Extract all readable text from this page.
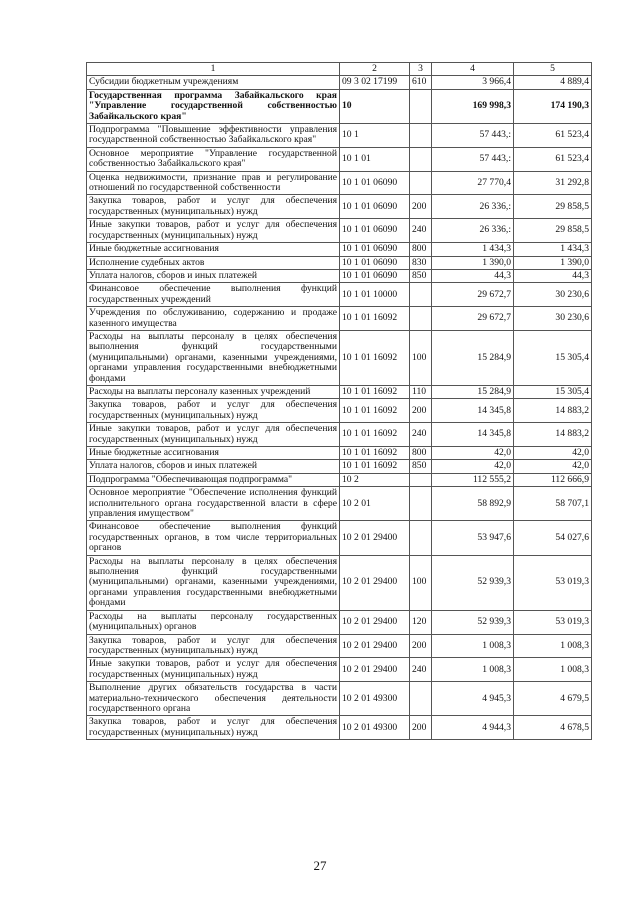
1	2	3	4	5
Субсидии бюджетным учреждениям	09 3 02 17199	610	3 966,4	4 889,4
Государственная программа Забайкальского края "Управление государственной собственностью Забайкальского края"	10		169 998,3	174 190,3
Подпрограмма "Повышение эффективности управления государственной собственностью Забайкальского края"	10 1		57 443,:	61 523,4
Основное мероприятие "Управление государственной собственностью Забайкальского края"	10 1 01		57 443,:	61 523,4
Оценка недвижимости, признание прав и регулирование отношений по государственной собственности	10 1 01 06090		27 770,4	31 292,8
Закупка товаров, работ и услуг для обеспечения государственных (муниципальных) нужд	10 1 01 06090	200	26 336,:	29 858,5
Иные закупки товаров, работ и услуг для обеспечения государственных (муниципальных) нужд	10 1 01 06090	240	26 336,:	29 858,5
Иные бюджетные ассигнования	10 1 01 06090	800	1 434,3	1 434,3
Исполнение судебных актов	10 1 01 06090	830	1 390,0	1 390,0
Уплата налогов, сборов и иных платежей	10 1 01 06090	850	44,3	44,3
Финансовое обеспечение выполнения функций государственных учреждений	10 1 01 10000		29 672,7	30 230,6
Учреждения по обслуживанию, содержанию и продаже казенного имущества	10 1 01 16092		29 672,7	30 230,6
Расходы на выплаты персоналу в целях обеспечения выполнения функций государственными (муниципальными) органами, казенными учреждениями, органами управления государственными внебюджетными фондами	10 1 01 16092	100	15 284,9	15 305,4
Расходы на выплаты персоналу казенных учреждений	10 1 01 16092	110	15 284,9	15 305,4
Закупка товаров, работ и услуг для обеспечения государственных (муниципальных) нужд	10 1 01 16092	200	14 345,8	14 883,2
Иные закупки товаров, работ и услуг для обеспечения государственных (муниципальных) нужд	10 1 01 16092	240	14 345,8	14 883,2
Иные бюджетные ассигнования	10 1 01 16092	800	42,0	42,0
Уплата налогов, сборов и иных платежей	10 1 01 16092	850	42,0	42,0
Подпрограмма "Обеспечивающая подпрограмма"	10 2		112 555,2	112 666,9
Основное мероприятие "Обеспечение исполнения функций исполнительного органа государственной власти в сфере управления имуществом"	10 2 01		58 892,9	58 707,1
Финансовое обеспечение выполнения функций государственных органов, в том числе территориальных органов	10 2 01 29400		53 947,6	54 027,6
Расходы на выплаты персоналу в целях обеспечения выполнения функций государственными (муниципальными) органами, казенными учреждениями, органами управления государственными внебюджетными фондами	10 2 01 29400	100	52 939,3	53 019,3
Расходы на выплаты персоналу государственных (муниципальных) органов	10 2 01 29400	120	52 939,3	53 019,3
Закупка товаров, работ и услуг для обеспечения государственных (муниципальных) нужд	10 2 01 29400	200	1 008,3	1 008,3
Иные закупки товаров, работ и услуг для обеспечения государственных (муниципальных) нужд	10 2 01 29400	240	1 008,3	1 008,3
Выполнение других обязательств государства в части материально-технического обеспечения деятельности государственного органа	10 2 01 49300		4 945,3	4 679,5
Закупка товаров, работ и услуг для обеспечения государственных (муниципальных) нужд	10 2 01 49300	200	4 944,3	4 678,5
27
